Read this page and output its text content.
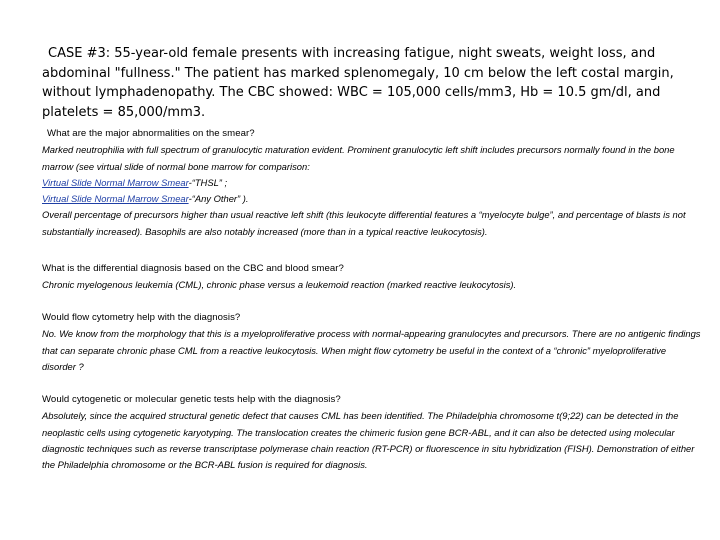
CASE #3: 55-year-old female presents with increasing fatigue, night sweats, weight loss, and abdominal "fullness." The patient has marked splenomegaly, 10 cm below the left costal margin, without lymphadenopathy. The CBC showed: WBC = 105,000 cells/mm3, Hb = 10.5 gm/dl, and platelets = 85,000/mm3.
What are the major abnormalities on the smear?
Marked neutrophilia with full spectrum of granulocytic maturation evident. Prominent granulocytic left shift includes precursors normally found in the bone marrow (see virtual slide of normal bone marrow for comparison:
Virtual Slide Normal Marrow Smear-“THSL” ;
Virtual Slide Normal Marrow Smear-“Any Other” ).
Overall percentage of precursors higher than usual reactive left shift (this leukocyte differential features a “myelocyte bulge”, and percentage of blasts is not substantially increased). Basophils are also notably increased (more than in a typical reactive leukocytosis).
What is the differential diagnosis based on the CBC and blood smear?
Chronic myelogenous leukemia (CML), chronic phase versus a leukemoid reaction (marked reactive leukocytosis).
Would flow cytometry help with the diagnosis?
No. We know from the morphology that this is a myeloproliferative process with normal-appearing granulocytes and precursors. There are no antigenic findings that can separate chronic phase CML from a reactive leukocytosis. When might flow cytometry be useful in the context of a “chronic” myeloproliferative disorder ?
Would cytogenetic or molecular genetic tests help with the diagnosis?
Absolutely, since the acquired structural genetic defect that causes CML has been identified. The Philadelphia chromosome t(9;22) can be detected in the neoplastic cells using cytogenetic karyotyping. The translocation creates the chimeric fusion gene BCR-ABL, and it can also be detected using molecular diagnostic techniques such as reverse transcriptase polymerase chain reaction (RT-PCR) or fluorescence in situ hybridization (FISH). Demonstration of either the Philadelphia chromosome or the BCR-ABL fusion is required for diagnosis.
